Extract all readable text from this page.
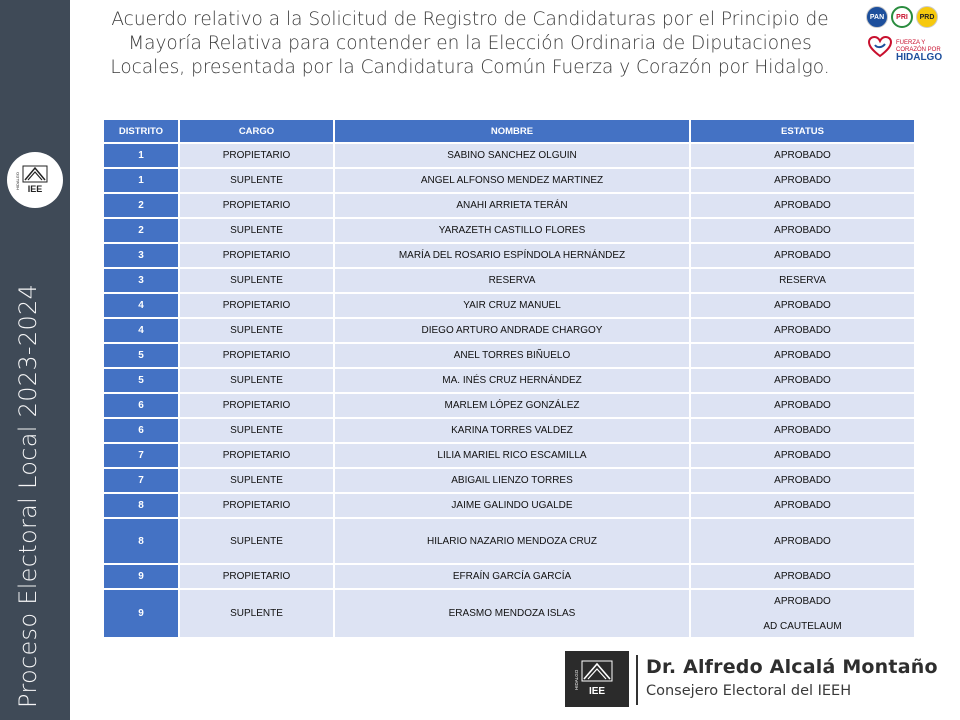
IEE
HIDALGO
Proceso Electoral Local 2023-2024
Acuerdo relativo a la Solicitud de Registro de Candidaturas por el Principio de Mayoría Relativa para contender en la Elección Ordinaria de Diputaciones Locales, presentada por la Candidatura Común Fuerza y Corazón por Hidalgo.
PAN	PRI	PRD
FUERZA Y CORAZÓN POR
HIDALGO
DISTRITO	CARGO	NOMBRE	ESTATUS
1	PROPIETARIO	SABINO SANCHEZ OLGUIN	APROBADO
1	SUPLENTE	ANGEL ALFONSO MENDEZ MARTINEZ	APROBADO
2	PROPIETARIO	ANAHI ARRIETA TERÁN	APROBADO
2	SUPLENTE	YARAZETH CASTILLO FLORES	APROBADO
3	PROPIETARIO	MARÍA DEL ROSARIO ESPÍNDOLA HERNÁNDEZ	APROBADO
3	SUPLENTE	RESERVA	RESERVA
4	PROPIETARIO	YAIR CRUZ MANUEL	APROBADO
4	SUPLENTE	DIEGO ARTURO ANDRADE CHARGOY	APROBADO
5	PROPIETARIO	ANEL TORRES BIÑUELO	APROBADO
5	SUPLENTE	MA. INÉS CRUZ HERNÁNDEZ	APROBADO
6	PROPIETARIO	MARLEM LÓPEZ GONZÁLEZ	APROBADO
6	SUPLENTE	KARINA TORRES VALDEZ	APROBADO
7	PROPIETARIO	LILIA MARIEL RICO ESCAMILLA	APROBADO
7	SUPLENTE	ABIGAIL LIENZO TORRES	APROBADO
8	PROPIETARIO	JAIME GALINDO UGALDE	APROBADO
8	SUPLENTE	HILARIO NAZARIO MENDOZA CRUZ	APROBADO
9	PROPIETARIO	EFRAÍN GARCÍA GARCÍA	APROBADO
9	SUPLENTE	ERASMO MENDOZA ISLAS	APROBADO
AD CAUTELAUM
IEE
HIDALGO
Dr. Alfredo Alcalá Montaño
Consejero Electoral del IEEH
